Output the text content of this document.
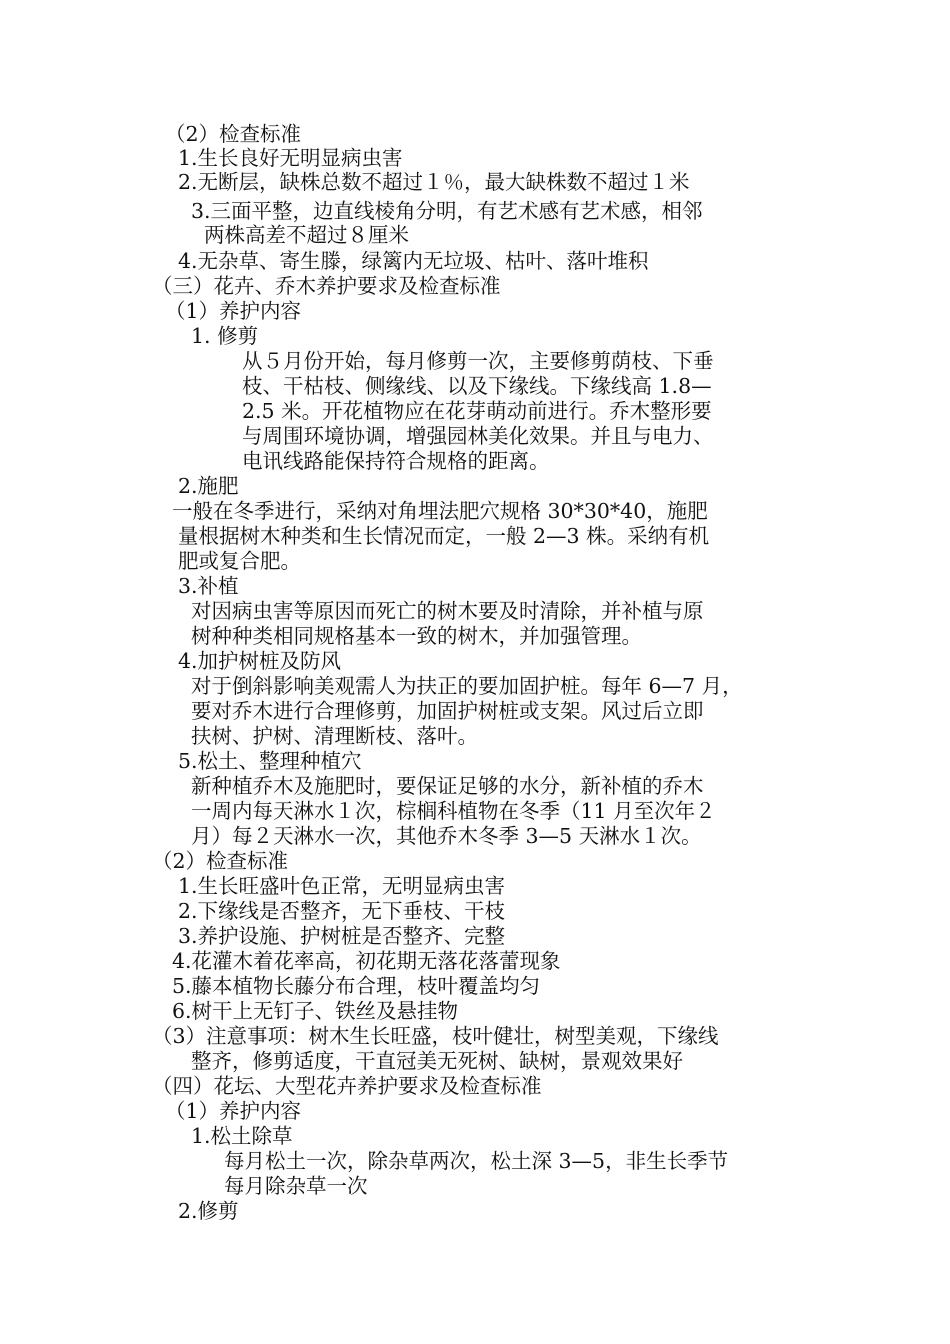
（2）检查标准
1.生长良好无明显病虫害
2.无断层，缺株总数不超过１％，最大缺株数不超过１米
3.三面平整，边直线棱角分明，有艺术感有艺术感，相邻
两株高差不超过８厘米
4.无杂草、寄生滕，绿篱内无垃圾、枯叶、落叶堆积
（三）花卉、乔木养护要求及检查标准
（1）养护内容
1. 修剪
从５月份开始，每月修剪一次，主要修剪荫枝、下垂
枝、干枯枝、侧缘线、以及下缘线。下缘线高 1.8—
2.5 米。开花植物应在花芽萌动前进行。乔木整形要
与周围环境协调，增强园林美化效果。并且与电力、
电讯线路能保持符合规格的距离。
2.施肥
一般在冬季进行，采纳对角埋法肥穴规格 30*30*40，施肥
量根据树木种类和生长情况而定，一般 2—3 株。采纳有机
肥或复合肥。
3.补植
对因病虫害等原因而死亡的树木要及时清除，并补植与原
树种种类相同规格基本一致的树木，并加强管理。
4.加护树桩及防风
对于倒斜影响美观需人为扶正的要加固护桩。每年 6—7 月，
要对乔木进行合理修剪，加固护树桩或支架。风过后立即
扶树、护树、清理断枝、落叶。
5.松土、整理种植穴
新种植乔木及施肥时，要保证足够的水分，新补植的乔木
一周内每天淋水１次，棕榈科植物在冬季（11 月至次年２
月）每２天淋水一次，其他乔木冬季 3—5 天淋水１次。
（2）检查标准
1.生长旺盛叶色正常，无明显病虫害
2.下缘线是否整齐，无下垂枝、干枝
3.养护设施、护树桩是否整齐、完整
4.花灌木着花率高，初花期无落花落蕾现象
5.藤本植物长藤分布合理，枝叶覆盖均匀
6.树干上无钉子、铁丝及悬挂物
（3）注意事项：树木生长旺盛，枝叶健壮，树型美观，下缘线
整齐，修剪适度，干直冠美无死树、缺树，景观效果好
（四）花坛、大型花卉养护要求及检查标准
（1）养护内容
1.松土除草
每月松土一次，除杂草两次，松土深 3—5，非生长季节
每月除杂草一次
2.修剪
